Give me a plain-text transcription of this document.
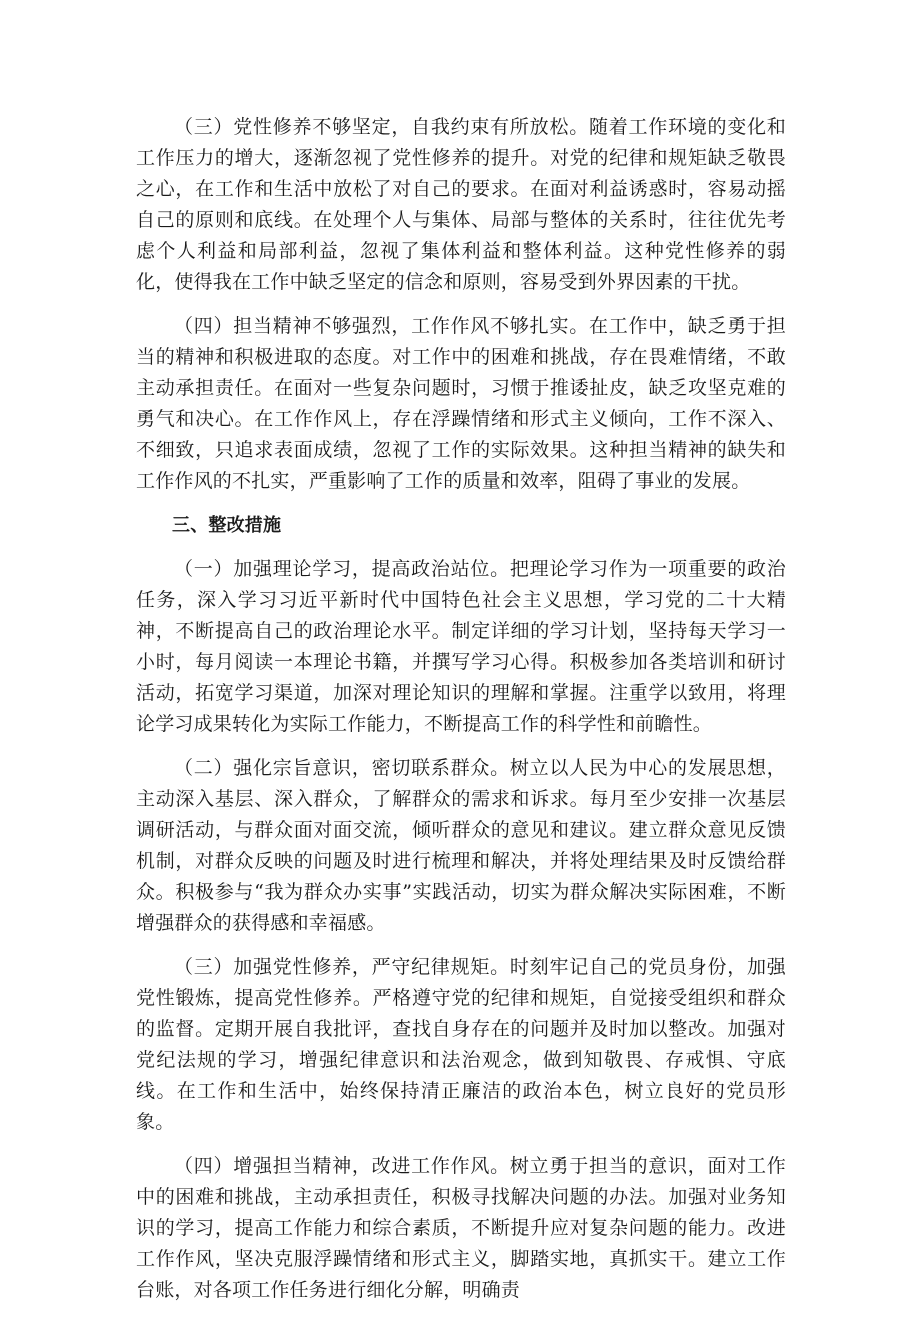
（三）党性修养不够坚定，自我约束有所放松。随着工作环境的变化和工作压力的增大，逐渐忽视了党性修养的提升。对党的纪律和规矩缺乏敬畏之心，在工作和生活中放松了对自己的要求。在面对利益诱惑时，容易动摇自己的原则和底线。在处理个人与集体、局部与整体的关系时，往往优先考虑个人利益和局部利益，忽视了集体利益和整体利益。这种党性修养的弱化，使得我在工作中缺乏坚定的信念和原则，容易受到外界因素的干扰。

（四）担当精神不够强烈，工作作风不够扎实。在工作中，缺乏勇于担当的精神和积极进取的态度。对工作中的困难和挑战，存在畏难情绪，不敢主动承担责任。在面对一些复杂问题时，习惯于推诿扯皮，缺乏攻坚克难的勇气和决心。在工作作风上，存在浮躁情绪和形式主义倾向，工作不深入、不细致，只追求表面成绩，忽视了工作的实际效果。这种担当精神的缺失和工作作风的不扎实，严重影响了工作的质量和效率，阻碍了事业的发展。

三、整改措施

（一）加强理论学习，提高政治站位。把理论学习作为一项重要的政治任务，深入学习习近平新时代中国特色社会主义思想，学习党的二十大精神，不断提高自己的政治理论水平。制定详细的学习计划，坚持每天学习一小时，每月阅读一本理论书籍，并撰写学习心得。积极参加各类培训和研讨活动，拓宽学习渠道，加深对理论知识的理解和掌握。注重学以致用，将理论学习成果转化为实际工作能力，不断提高工作的科学性和前瞻性。

（二）强化宗旨意识，密切联系群众。树立以人民为中心的发展思想，主动深入基层、深入群众，了解群众的需求和诉求。每月至少安排一次基层调研活动，与群众面对面交流，倾听群众的意见和建议。建立群众意见反馈机制，对群众反映的问题及时进行梳理和解决，并将处理结果及时反馈给群众。积极参与“我为群众办实事”实践活动，切实为群众解决实际困难，不断增强群众的获得感和幸福感。

（三）加强党性修养，严守纪律规矩。时刻牢记自己的党员身份，加强党性锻炼，提高党性修养。严格遵守党的纪律和规矩，自觉接受组织和群众的监督。定期开展自我批评，查找自身存在的问题并及时加以整改。加强对党纪法规的学习，增强纪律意识和法治观念，做到知敬畏、存戒惧、守底线。在工作和生活中，始终保持清正廉洁的政治本色，树立良好的党员形象。

（四）增强担当精神，改进工作作风。树立勇于担当的意识，面对工作中的困难和挑战，主动承担责任，积极寻找解决问题的办法。加强对业务知识的学习，提高工作能力和综合素质，不断提升应对复杂问题的能力。改进工作作风，坚决克服浮躁情绪和形式主义，脚踏实地，真抓实干。建立工作台账，对各项工作任务进行细化分解，明确责
